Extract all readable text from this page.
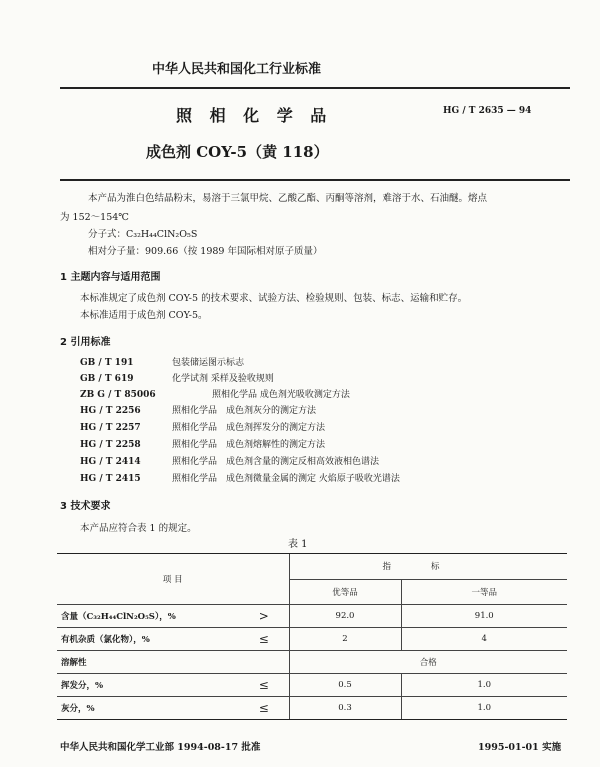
中华人民共和国化工行业标准
照 相 化 学 品	HG / T 2635 — 94
成色剂 COY-5（黄 118）
本产品为淮白色结晶粉末，易溶于三氯甲烷、乙酸乙酯、丙酮等溶剂，难溶于水、石油醚。熔点
为 152～154℃
分子式：C₃₂H₄₄ClN₂O₅S
相对分子量：909.66（按 1989 年国际相对原子质量）
1 主题内容与适用范围
本标准规定了成色剂 COY-5 的技术要求、试验方法、检验规则、包装、标志、运输和贮存。
本标准适用于成色剂 COY-5。
2 引用标准
GB / T 191	包装储运图示标志
GB / T 619	化学试剂 采样及验收规则
ZB G / T 85006	照相化学品 成色剂光吸收测定方法
HG / T 2256	照相化学品 成色剂灰分的测定方法
HG / T 2257	照相化学品 成色剂挥发分的测定方法
HG / T 2258	照相化学品 成色剂熔解性的测定方法
HG / T 2414	照相化学品 成色剂含量的测定反相高效液相色谱法
HG / T 2415	照相化学品 成色剂微量金属的测定 火焰原子吸收光谱法
3 技术要求
本产品应符合表 1 的规定。
表 1
项 目		指	标
		优等品	一等品
含量（C₃₂H₄₄ClN₂O₅S），%	>	92.0	91.0
有机杂质（氯化物），%	≤	2	4
溶解性		合格	
挥发分，%	≤	0.5	1.0
灰分，%	≤	0.3	1.0
中华人民共和国化学工业部 1994-08-17 批准	1995-01-01 实施
